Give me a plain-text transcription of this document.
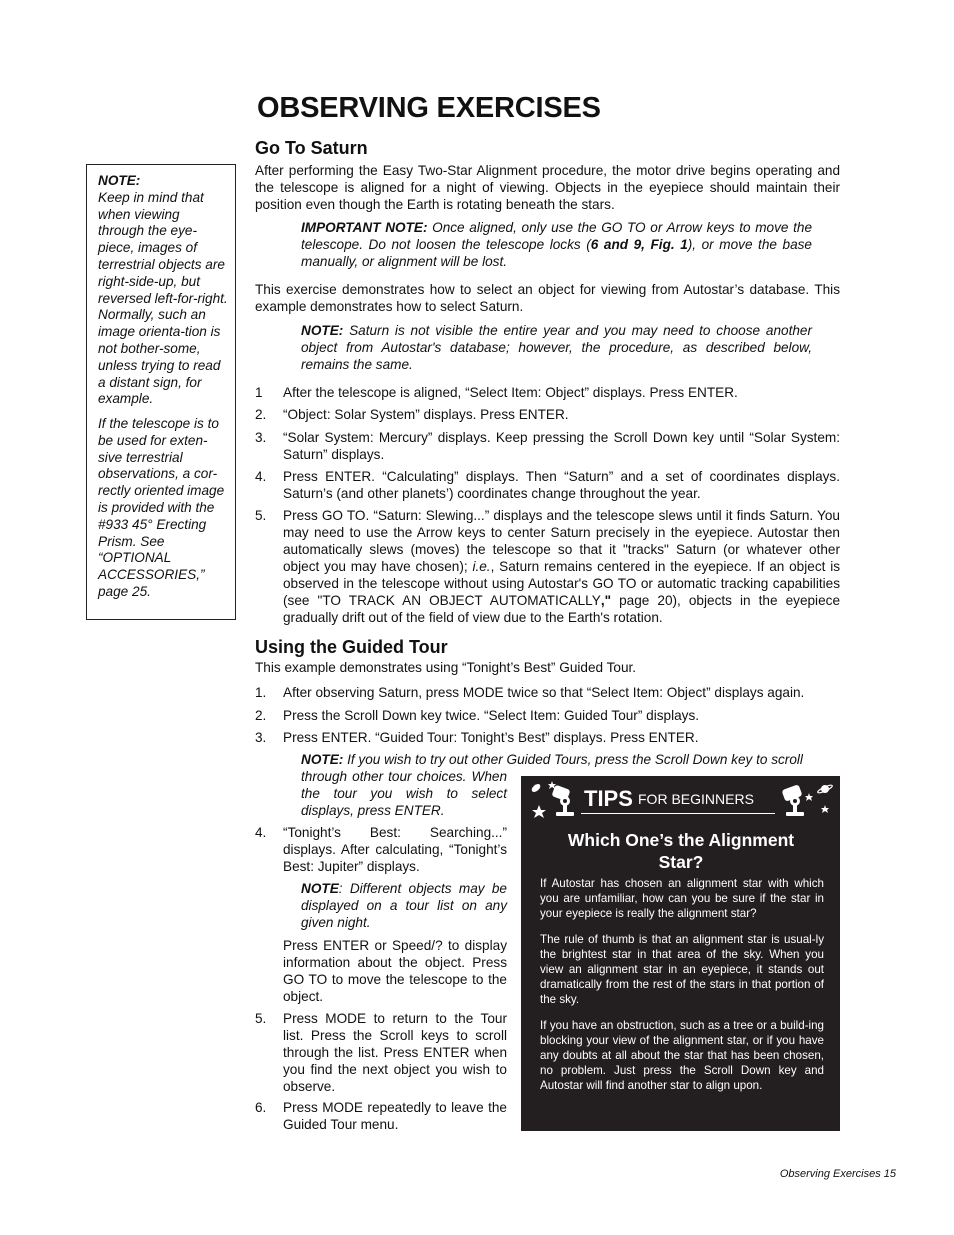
OBSERVING EXERCISES

NOTE:
Keep in mind that when viewing through the eye-piece, images of terrestrial objects are right-side-up, but reversed left-for-right. Normally, such an image orienta-tion is not bother-some, unless trying to read a distant sign, for example.

If the telescope is to be used for exten-sive terrestrial observations, a cor-rectly oriented image is provided with the #933 45° Erecting Prism. See “OPTIONAL ACCESSORIES,” page 25.

Go To Saturn

After performing the Easy Two-Star Alignment procedure, the motor drive begins operating and the telescope is aligned for a night of viewing. Objects in the eyepiece should maintain their position even though the Earth is rotating beneath the stars.

IMPORTANT NOTE: Once aligned, only use the GO TO or Arrow keys to move the telescope. Do not loosen the telescope locks (6 and 9, Fig. 1), or move the base manually, or alignment will be lost.

This exercise demonstrates how to select an object for viewing from Autostar’s database. This example demonstrates how to select Saturn.

NOTE: Saturn is not visible the entire year and you may need to choose another object from Autostar's database; however, the procedure, as described below, remains the same.

1 After the telescope is aligned, “Select Item: Object” displays. Press ENTER.
2. “Object: Solar System” displays. Press ENTER.
3. “Solar System: Mercury” displays. Keep pressing the Scroll Down key until “Solar System: Saturn” displays.
4. Press ENTER. “Calculating” displays. Then “Saturn” and a set of coordinates displays. Saturn’s (and other planets’) coordinates change throughout the year.
5. Press GO TO. “Saturn: Slewing...” displays and the telescope slews until it finds Saturn. You may need to use the Arrow keys to center Saturn precisely in the eyepiece. Autostar then automatically slews (moves) the telescope so that it "tracks" Saturn (or whatever other object you may have chosen); i.e., Saturn remains centered in the eyepiece. If an object is observed in the telescope without using Autostar's GO TO or automatic tracking capabilities (see "TO TRACK AN OBJECT AUTOMATICALLY," page 20), objects in the eyepiece gradually drift out of the field of view due to the Earth's rotation.
Using the Guided Tour

This example demonstrates using “Tonight’s Best” Guided Tour.

1. After observing Saturn, press MODE twice so that “Select Item: Object” displays again.
2. Press the Scroll Down key twice. “Select Item: Guided Tour” displays.
3. Press ENTER. “Guided Tour: Tonight’s Best” displays. Press ENTER.

NOTE: If you wish to try out other Guided Tours, press the Scroll Down key to scroll

through other tour choices. When the tour you wish to select displays, press ENTER.

4. “Tonight’s Best: Searching...” displays. After calculating, “Tonight’s Best: Jupiter” displays.

NOTE: Different objects may be displayed on a tour list on any given night.

Press ENTER or Speed/? to display information about the object. Press GO TO to move the telescope to the object.

5. Press MODE to return to the Tour list. Press the Scroll keys to scroll through the list. Press ENTER when you find the next object you wish to observe.
6. Press MODE repeatedly to leave the Guided Tour menu.
TIPS FOR BEGINNERS
Which One’s the Alignment Star?

If Autostar has chosen an alignment star with which you are unfamiliar, how can you be sure if the star in your eyepiece is really the alignment star?

The rule of thumb is that an alignment star is usual-ly the brightest star in that area of the sky. When you view an alignment star in an eyepiece, it stands out dramatically from the rest of the stars in that portion of the sky.

If you have an obstruction, such as a tree or a build-ing blocking your view of the alignment star, or if you have any doubts at all about the star that has been chosen, no problem. Just press the Scroll Down key and Autostar will find another star to align upon.

Observing Exercises 15
